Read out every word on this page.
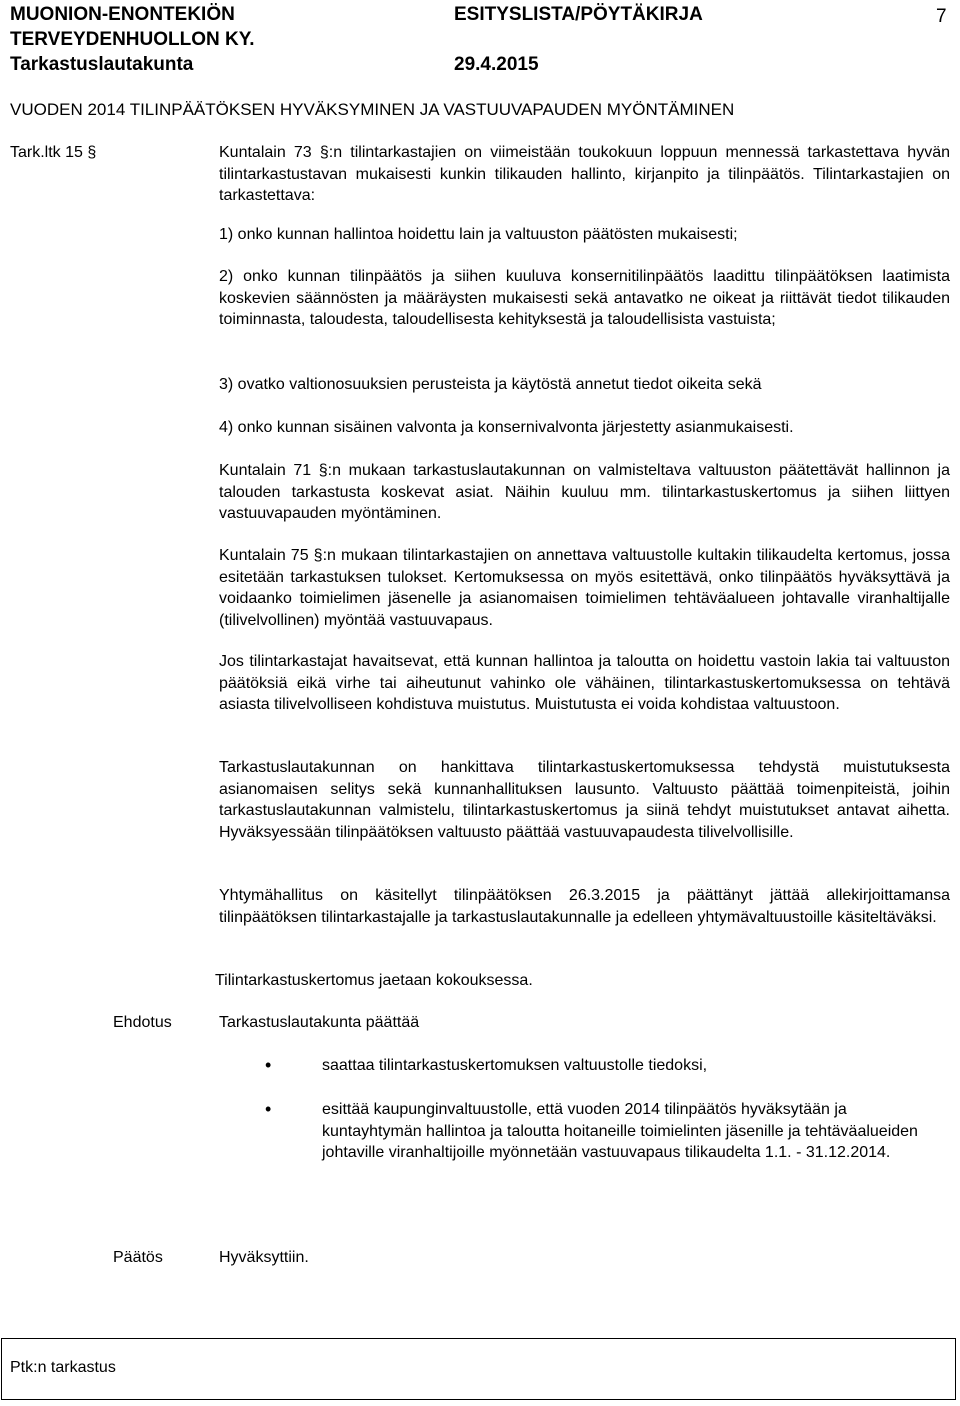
MUONION-ENONTEKIÖN
TERVEYDENHUOLLON KY.
Tarkastuslautakunta
ESITYSLISTA/PÖYTÄKIRJA
29.4.2015
7
VUODEN 2014 TILINPÄÄTÖKSEN HYVÄKSYMINEN JA VASTUUVAPAUDEN MYÖNTÄMINEN
Tark.ltk 15 §	Kuntalain 73 §:n tilintarkastajien on viimeistään toukokuun loppuun mennessä tarkastettava hyvän tilintarkastustavan mukaisesti kunkin tilikauden hallinto, kirjanpito ja tilinpäätös. Tilintarkastajien on tarkastettava:

1) onko kunnan hallintoa hoidettu lain ja valtuuston päätösten mukaisesti;

2) onko kunnan tilinpäätös ja siihen kuuluva konsernitilinpäätös laadittu tilinpäätöksen laatimista koskevien säännösten ja määräysten mukaisesti sekä antavatko ne oikeat ja riittävät tiedot tilikauden toiminnasta, taloudesta, taloudellisesta kehityksestä ja taloudellisista vastuista;

3) ovatko valtionosuuksien perusteista ja käytöstä annetut tiedot oikeita sekä

4) onko kunnan sisäinen valvonta ja konsernivalvonta järjestetty asianmukaisesti.

Kuntalain 71 §:n mukaan tarkastuslautakunnan on valmisteltava valtuuston päätettävät hallinnon ja talouden tarkastusta koskevat asiat. Näihin kuuluu mm. tilintarkastuskertomus ja siihen liittyen vastuuvapauden myöntäminen.

Kuntalain 75 §:n mukaan tilintarkastajien on annettava valtuustolle kultakin tilikaudelta kertomus, jossa esitetään tarkastuksen tulokset. Kertomuksessa on myös esitettävä, onko tilinpäätös hyväksyttävä ja voidaanko toimielimen jäsenelle ja asianomaisen toimielimen tehtäväalueen johtavalle viranhaltijalle (tilivelvollinen) myöntää vastuuvapaus.

Jos tilintarkastajat havaitsevat, että kunnan hallintoa ja taloutta on hoidettu vastoin lakia tai valtuuston päätöksiä eikä virhe tai aiheutunut vahinko ole vähäinen, tilintarkastuskertomuksessa on tehtävä asiasta tilivelvolliseen kohdistuva muistutus. Muistutusta ei voida kohdistaa valtuustoon.

Tarkastuslautakunnan on hankittava tilintarkastuskertomuksessa tehdystä muistutuksesta asianomaisen selitys sekä kunnanhallituksen lausunto. Valtuusto päättää toimenpiteistä, joihin tarkastuslautakunnan valmistelu, tilintarkastuskertomus ja siinä tehdyt muistutukset antavat aihetta. Hyväksyessään tilinpäätöksen valtuusto päättää vastuuvapaudesta tilivelvollisille.

Yhtymähallitus on käsitellyt tilinpäätöksen 26.3.2015 ja päättänyt jättää allekirjoittamansa tilinpäätöksen tilintarkastajalle ja tarkastuslautakunnalle ja edelleen yhtymävaltuustoille käsiteltäväksi.

Tilintarkastuskertomus jaetaan kokouksessa.

Ehdotus	Tarkastuslautakunta päättää
•	saattaa tilintarkastuskertomuksen valtuustolle tiedoksi,
•	esittää kaupunginvaltuustolle, että vuoden 2014 tilinpäätös hyväksytään ja kuntayhtymän hallintoa ja taloutta hoitaneille toimielinten jäsenille ja tehtäväalueiden johtaville viranhaltijoille myönnetään vastuuvapaus tilikaudelta 1.1. - 31.12.2014.
Päätös	Hyväksyttiin.
Ptk:n tarkastus
